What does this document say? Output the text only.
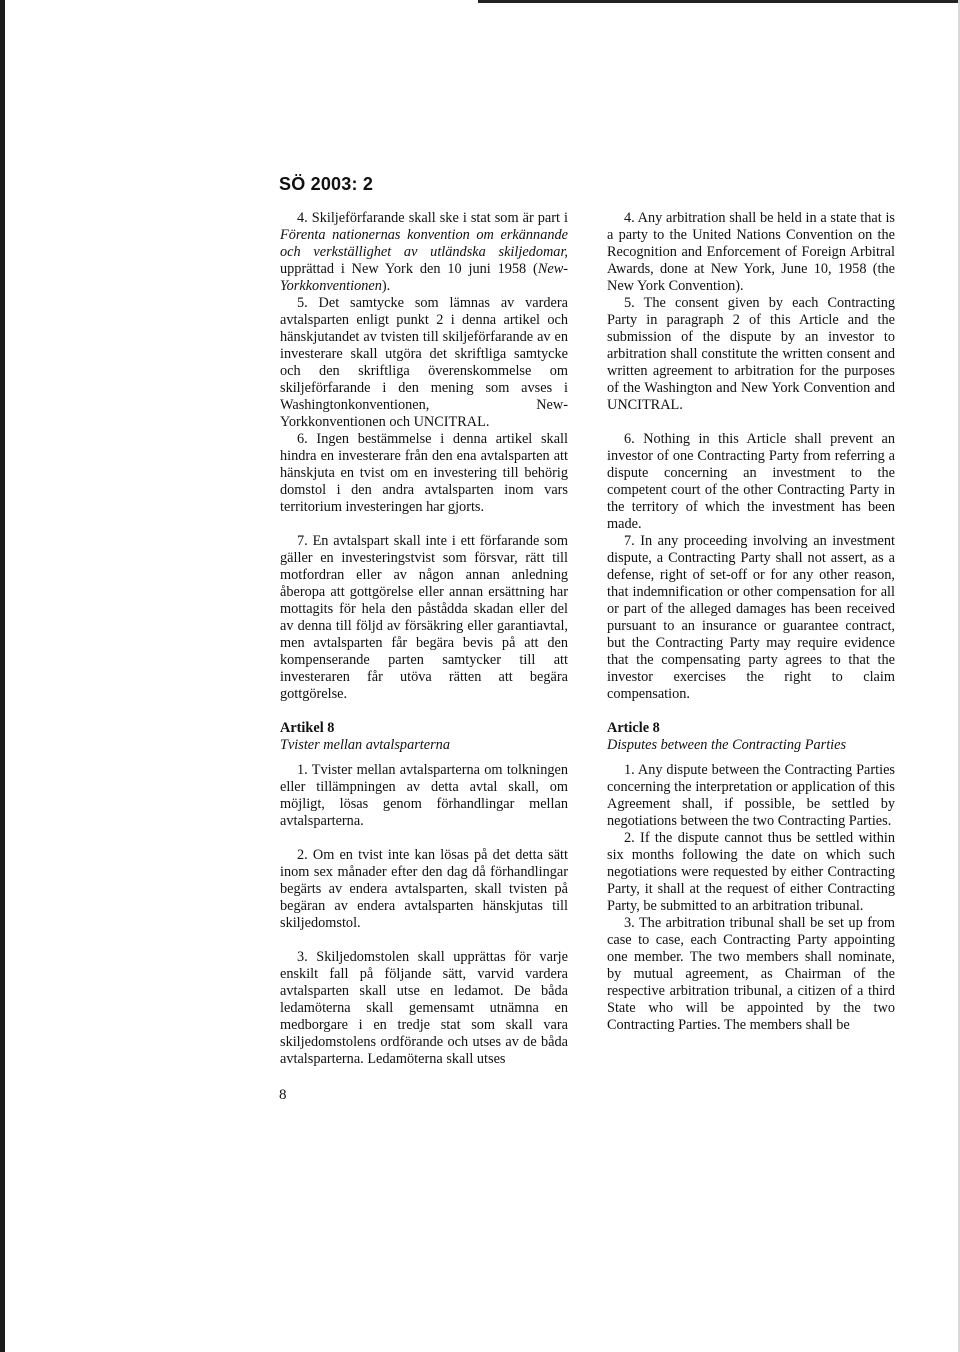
SÖ 2003: 2

4. Skiljeförfarande skall ske i stat som är part i Förenta nationernas konvention om erkännande och verkställighet av utländska skiljedomar, upprättad i New York den 10 juni 1958 (New-Yorkkonventionen).

5. Det samtycke som lämnas av vardera avtalsparten enligt punkt 2 i denna artikel och hänskjutandet av tvisten till skiljeförfarande av en investerare skall utgöra det skriftliga samtycke och den skriftliga överenskommelse om skiljeförfarande i den mening som avses i Washingtonkonventionen, New-Yorkkonventionen och UNCITRAL.

6. Ingen bestämmelse i denna artikel skall hindra en investerare från den ena avtalsparten att hänskjuta en tvist om en investering till behörig domstol i den andra avtalsparten inom vars territorium investeringen har gjorts.

7. En avtalspart skall inte i ett förfarande som gäller en investeringstvist som försvar, rätt till motfordran eller av någon annan anledning åberopa att gottgörelse eller annan ersättning har mottagits för hela den påstådda skadan eller del av denna till följd av försäkring eller garantiavtal, men avtalsparten får begära bevis på att den kompenserande parten samtycker till att investeraren får utöva rätten att begära gottgörelse.

Artikel 8

Tvister mellan avtalsparterna

1. Tvister mellan avtalsparterna om tolkningen eller tillämpningen av detta avtal skall, om möjligt, lösas genom förhandlingar mellan avtalsparterna.

2. Om en tvist inte kan lösas på det detta sätt inom sex månader efter den dag då förhandlingar begärts av endera avtalsparten, skall tvisten på begäran av endera avtalsparten hänskjutas till skiljedomstol.

3. Skiljedomstolen skall upprättas för varje enskilt fall på följande sätt, varvid vardera avtalsparten skall utse en ledamot. De båda ledamöterna skall gemensamt utnämna en medborgare i en tredje stat som skall vara skiljedomstolens ordförande och utses av de båda avtalsparterna. Ledamöterna skall utses

4. Any arbitration shall be held in a state that is a party to the United Nations Convention on the Recognition and Enforcement of Foreign Arbitral Awards, done at New York, June 10, 1958 (the New York Convention).

5. The consent given by each Contracting Party in paragraph 2 of this Article and the submission of the dispute by an investor to arbitration shall constitute the written consent and written agreement to arbitration for the purposes of the Washington and New York Convention and UNCITRAL.

6. Nothing in this Article shall prevent an investor of one Contracting Party from referring a dispute concerning an investment to the competent court of the other Contracting Party in the territory of which the investment has been made.

7. In any proceeding involving an investment dispute, a Contracting Party shall not assert, as a defense, right of set-off or for any other reason, that indemnification or other compensation for all or part of the alleged damages has been received pursuant to an insurance or guarantee contract, but the Contracting Party may require evidence that the compensating party agrees to that the investor exercises the right to claim compensation.

Article 8

Disputes between the Contracting Parties

1. Any dispute between the Contracting Parties concerning the interpretation or application of this Agreement shall, if possible, be settled by negotiations between the two Contracting Parties.

2. If the dispute cannot thus be settled within six months following the date on which such negotiations were requested by either Contracting Party, it shall at the request of either Contracting Party, be submitted to an arbitration tribunal.

3. The arbitration tribunal shall be set up from case to case, each Contracting Party appointing one member. The two members shall nominate, by mutual agreement, as Chairman of the respective arbitration tribunal, a citizen of a third State who will be appointed by the two Contracting Parties. The members shall be

8
